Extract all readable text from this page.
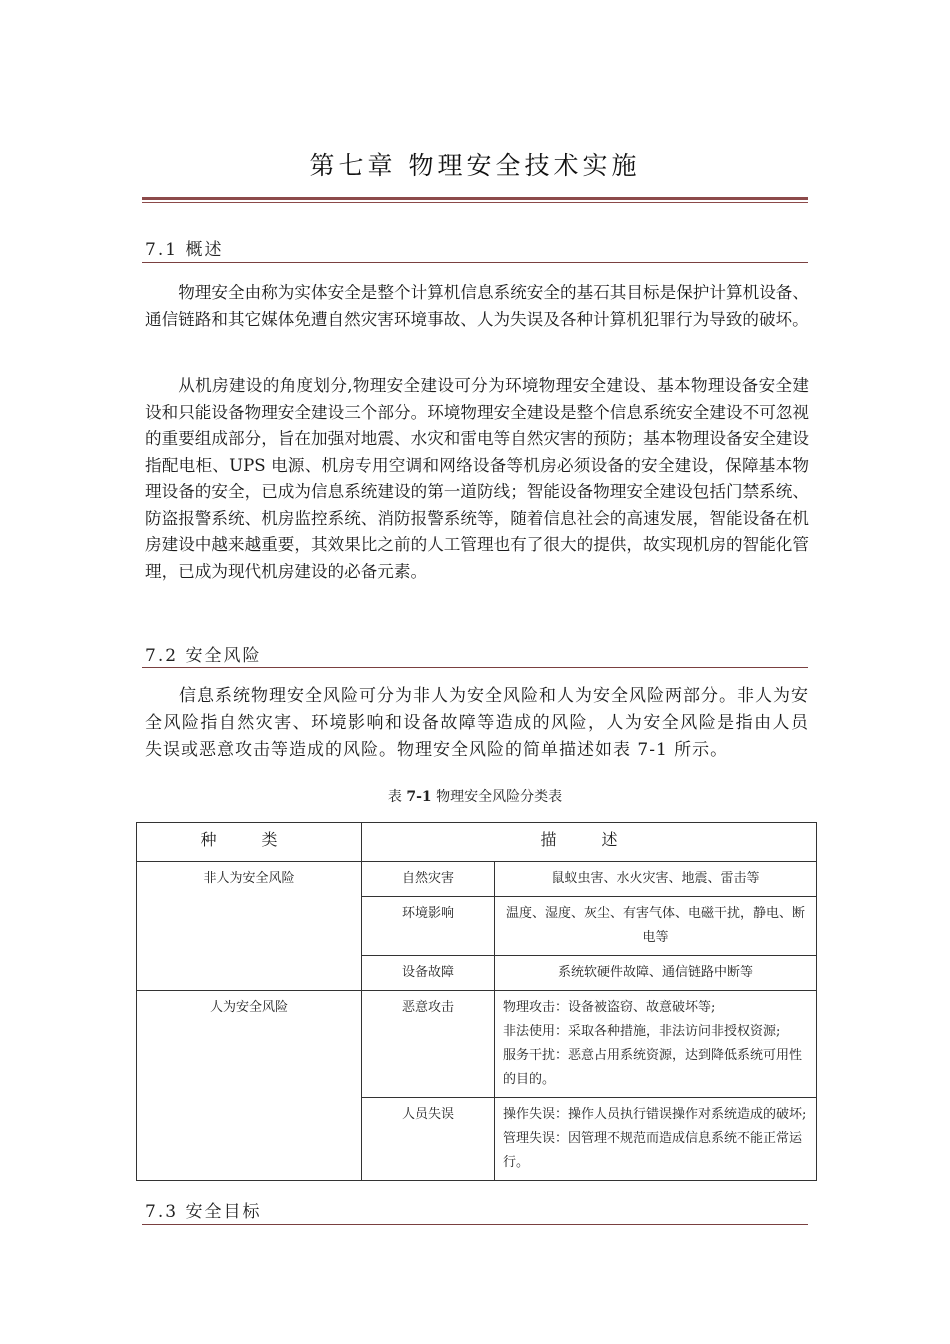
第七章 物理安全技术实施
7.1 概述

物理安全由称为实体安全是整个计算机信息系统安全的基石其目标是保护计算机设备、通信链路和其它媒体免遭自然灾害环境事故、人为失误及各种计算机犯罪行为导致的破坏。

从机房建设的角度划分,物理安全建设可分为环境物理安全建设、基本物理设备安全建设和只能设备物理安全建设三个部分。环境物理安全建设是整个信息系统安全建设不可忽视的重要组成部分，旨在加强对地震、水灾和雷电等自然灾害的预防；基本物理设备安全建设指配电柜、UPS 电源、机房专用空调和网络设备等机房必须设备的安全建设，保障基本物理设备的安全，已成为信息系统建设的第一道防线；智能设备物理安全建设包括门禁系统、防盗报警系统、机房监控系统、消防报警系统等，随着信息社会的高速发展，智能设备在机房建设中越来越重要，其效果比之前的人工管理也有了很大的提供，故实现机房的智能化管理，已成为现代机房建设的必备元素。

7.2 安全风险

信息系统物理安全风险可分为非人为安全风险和人为安全风险两部分。非人为安全风险指自然灾害、环境影响和设备故障等造成的风险，人为安全风险是指由人员失误或恶意攻击等造成的风险。物理安全风险的简单描述如表 7-1 所示。

表 7-1 物理安全风险分类表
种 类	描 述	
非人为安全风险	自然灾害	鼠蚁虫害、水火灾害、地震、雷击等
	环境影响	温度、湿度、灰尘、有害气体、电磁干扰，静电、断电等
	设备故障	系统软硬件故障、通信链路中断等
人为安全风险	恶意攻击	物理攻击：设备被盗窃、故意破坏等;
非法使用：采取各种措施，非法访问非授权资源;
服务干扰：恶意占用系统资源，达到降低系统可用性的目的。

	人员失误	操作失误：操作人员执行错误操作对系统造成的破坏;
管理失误：因管理不规范而造成信息系统不能正常运行。
7.3 安全目标
